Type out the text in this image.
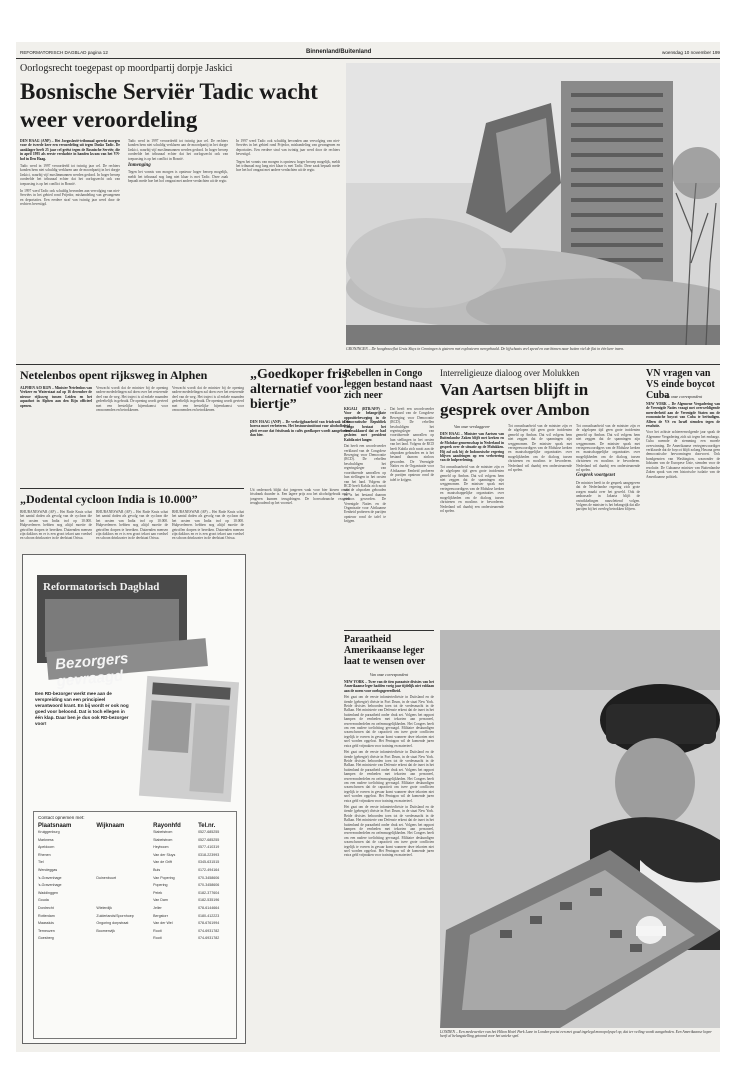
REFORMATORISCH DAGBLAD pagina 12	Binnenland/Buitenland	woensdag 10 november 199
Oorlogsrecht toegepast op moordpartij dorpje Jaskici
Bosnische Serviër Tadic wacht weer veroordeling
DEN HAAG (ANP) – Het Joegoslavië-tribunaal spreekt morgen voor de tweede keer een veroordeling uit tegen Dusko Tadic. De aanklager heeft 25 jaar cel geëist tegen de Bosnische Serviër, die in april 1995 als eerste verdachte in handen kwam van het VN-hof in Den Haag.

Tadic werd in 1997 veroordeeld tot twintig jaar cel. De rechters konden hem niet schuldig verklaren aan de moordpartij in het dorpje Jaskici, waarbij vijf moslimmannen werden gedood. In hoger beroep oordeelde het tribunaal echter dat het oorlogsrecht ook van toepassing is op het conflict in Bosnië.

In 1997 werd Tadic ook schuldig bevonden aan vervolging van niet-Serviërs in het gebied rond Prijedor, mishandeling van gevangenen en deportaties. Een eerdere straf van twintig jaar werd door de rechters bevestigd.

Tadic werd in 1997 veroordeeld tot twintig jaar cel. De rechters konden hem niet schuldig verklaren aan de moordpartij in het dorpje Jaskici, waarbij vijf moslimmannen werden gedood. In hoger beroep oordeelde het tribunaal echter dat het oorlogsrecht ook van toepassing is op het conflict in Bosnië.

Inmenging

Tegen het vonnis van morgen is opnieuw hoger beroep mogelijk, meldt het tribunaal nog lang niet klaar is met Tadic. Deze zaak bepaalt mede hoe het hof omgaat met andere verdachten uit de regio.

In 1997 werd Tadic ook schuldig bevonden aan vervolging van niet-Serviërs in het gebied rond Prijedor, mishandeling van gevangenen en deportaties. Een eerdere straf van twintig jaar werd door de rechters bevestigd.

Tegen het vonnis van morgen is opnieuw hoger beroep mogelijk, meldt het tribunaal nog lang niet klaar is met Tadic. Deze zaak bepaalt mede hoe het hof omgaat met andere verdachten uit de regio.

GRONINGEN – De hoogbouwflat Gruis Sluys in Groningen is gisteren met explosieven neergehaald. De lijfschaats veel speed en van binnen naar buiten viel de flat in één keer ineen.
Netelenbos opent rijksweg in Alphen
ALPHEN A/D RIJN – Minister Netelenbos van Verkeer en Waterstaat zal op 16 december de nieuwe rijksweg tussen Leiden en het aquaduct in Alphen aan den Rijn officieel openen.

Verwacht wordt dat de minister bij de opening nadere mededelingen zal doen over het resterende deel van de weg. Het traject is al enkele maanden gedeeltelijk in gebruik. De opening wordt gevierd met een feestelijke bijeenkomst voor omwonenden en betrokkenen.

Verwacht wordt dat de minister bij de opening nadere mededelingen zal doen over het resterende deel van de weg. Het traject is al enkele maanden gedeeltelijk in gebruik. De opening wordt gevierd met een feestelijke bijeenkomst voor omwonenden en betrokkenen.

„Goedkoper fris alternatief voor biertje”
DEN HAAG (ANP) – De verkrijgbaarheid van frisdrank in de horeca moet verbeteren. Het bestuursinstituut voor alcoholbeleid pleit ervoor dat frisdrank in cafés goedkoper wordt aangeboden dan bier.

Uit onderzoek blijkt dat jongeren vaak voor bier kiezen omdat frisdrank duurder is. Een lagere prijs zou het alcoholgebruik onder jongeren kunnen terugdringen. De horecabranche reageert terughoudend op het voorstel.

„Dodental cycloon India is 10.000”

BHUBANESWAR (AP) – Het Rode Kruis schat het aantal doden als gevolg van de cycloon die het oosten van India trof op 10.000. Hulpverleners hebben nog altijd moeite de getroffen dorpen te bereiken. Duizenden mensen zijn dakloos en er is een groot tekort aan voedsel en schoon drinkwater in de deelstaat Orissa.

BHUBANESWAR (AP) – Het Rode Kruis schat het aantal doden als gevolg van de cycloon die het oosten van India trof op 10.000. Hulpverleners hebben nog altijd moeite de getroffen dorpen te bereiken. Duizenden mensen zijn dakloos en er is een groot tekort aan voedsel en schoon drinkwater in de deelstaat Orissa.

BHUBANESWAR (AP) – Het Rode Kruis schat het aantal doden als gevolg van de cycloon die het oosten van India trof op 10.000. Hulpverleners hebben nog altijd moeite de getroffen dorpen te bereiken. Duizenden mensen zijn dakloos en er is een groot tekort aan voedsel en schoon drinkwater in de deelstaat Orissa.

Reformatorisch Dagblad
Bezorgers gevraagd
Een RD-bezorger werkt mee aan de verspreiding van een principieel verantwoord krant. En bij wordt er ook nog goed voor beloond. Dat is toch ellegen in één klap. Daar ben je dus ook RD-bezorger voor!
Contact opnemen met:
Plaatsnaam	Wijknaam	Rayonhfd	Tel.nr.
Kruiggenburg		Stabelstrom	0527-685255
Markness		Stabelstrom	0527-685255
Apeldoorn		Heyboom	0577-410319
Rhenen		Van der Sluys	0318-223993
Tiel		Van de Grift	0345-631515
Wendeggas		Buis	0172-494164
's-Gravenhage	Duinenbuurt	Van Popering	070-3458606
's-Gravenhage		Popering	070-3458606
Waddinggen		Pelek	0182-377604
Gouda		Van Dam	0182-535196
Dordrecht	Wielerdijk	Jeller	078-6144664
Rotterdam	Zuiderlands/Spornhoep	Bergstorr	0180-412223
Maassluis	Ongoring dorpstraat	Van der Wel	078-6761994
Terneuzen	Boomenvijk	Rooti	074-6931782
Goesberg		Rooti	074-6931782
Rebellen in Congo leggen bestand naast zich neer
KIGALI (RTR/AFP) – Voor de belangrijkste oppositiebeweging in de Democratische Republiek Congo bestaat het vredesakkoord dat ze had gesloten met president Kabila niet langer.

Dat heeft een woordvoerder verklaard van de Congolese Beweging voor Democratie (RCD). De rebellen beschuldigen het regeringsleger van voortdurende aanvallen op hun stellingen in het oosten van het land. Volgens de RCD heeft Kabila zich nooit aan de afspraken gehouden en is het bestand daarom zinloos geworden. De Verenigde Naties en de Organisatie voor Afrikaanse Eenheid proberen de partijen opnieuw rond de tafel te krijgen.

Dat heeft een woordvoerder verklaard van de Congolese Beweging voor Democratie (RCD). De rebellen beschuldigen het regeringsleger van voortdurende aanvallen op hun stellingen in het oosten van het land. Volgens de RCD heeft Kabila zich nooit aan de afspraken gehouden en is het bestand daarom zinloos geworden. De Verenigde Naties en de Organisatie voor Afrikaanse Eenheid proberen de partijen opnieuw rond de tafel te krijgen.

Paraatheid Amerikaanse leger laat te wensen over
Van onze correspondent
NEW YORK – Twee van de tien paraatste divisies van het Amerikaanse leger hadden vorig jaar tijdelijk niet voldaan aan de norm voor oorlogsgereedheid.

Het gaat om de eerste infanteriedivisie in Duitsland en de tiende (gebergte) divisie in Fort Drum, in de staat New York. Beide divisies behoorden toen tot de vredesmacht in de Balkan. Het ministerie van Defensie erkent dat de inzet in het buitenland de paraatheid onder druk zet. Volgens het rapport kampen de eenheden met tekorten aan personeel, reserveonderdelen en oefenmogelijkheden. Het Congres heeft om een nadere toelichting gevraagd. Militaire deskundigen waarschuwen dat de capaciteit om twee grote conflicten tegelijk te voeren in gevaar komt wanneer deze tekorten niet snel worden opgelost. Het Pentagon wil de komende jaren extra geld vrijmaken voor training en materieel.

Het gaat om de eerste infanteriedivisie in Duitsland en de tiende (gebergte) divisie in Fort Drum, in de staat New York. Beide divisies behoorden toen tot de vredesmacht in de Balkan. Het ministerie van Defensie erkent dat de inzet in het buitenland de paraatheid onder druk zet. Volgens het rapport kampen de eenheden met tekorten aan personeel, reserveonderdelen en oefenmogelijkheden. Het Congres heeft om een nadere toelichting gevraagd. Militaire deskundigen waarschuwen dat de capaciteit om twee grote conflicten tegelijk te voeren in gevaar komt wanneer deze tekorten niet snel worden opgelost. Het Pentagon wil de komende jaren extra geld vrijmaken voor training en materieel.

Het gaat om de eerste infanteriedivisie in Duitsland en de tiende (gebergte) divisie in Fort Drum, in de staat New York. Beide divisies behoorden toen tot de vredesmacht in de Balkan. Het ministerie van Defensie erkent dat de inzet in het buitenland de paraatheid onder druk zet. Volgens het rapport kampen de eenheden met tekorten aan personeel, reserveonderdelen en oefenmogelijkheden. Het Congres heeft om een nadere toelichting gevraagd. Militaire deskundigen waarschuwen dat de capaciteit om twee grote conflicten tegelijk te voeren in gevaar komt wanneer deze tekorten niet snel worden opgelost. Het Pentagon wil de komende jaren extra geld vrijmaken voor training en materieel.

Interreligieuze dialoog over Molukken
Van Aartsen blijft in gesprek over Ambon
Van onze verslaggever
DEN HAAG – Minister van Aartsen van Buitenlandse Zaken blijft met kerken en de Molukse gemeenschap in Nederland in gesprek over de situatie op de Molukken. Hij zal ook bij de Indonesische regering blijven aandringen op een verbetering van de hulpverlening.

Tot onrustbaarheid van de minister zijn er de afgelopen tijd geen grote incidenten gemeld op Ambon. Dat wil volgens hem niet zeggen dat de spanningen zijn weggenomen. De minister sprak met vertegenwoordigers van de Molukse kerken en maatschappelijke organisaties over mogelijkheden om de dialoog tussen christenen en moslims te bevorderen. Nederland wil daarbij een ondersteunende rol spelen.

Tot onrustbaarheid van de minister zijn er de afgelopen tijd geen grote incidenten gemeld op Ambon. Dat wil volgens hem niet zeggen dat de spanningen zijn weggenomen. De minister sprak met vertegenwoordigers van de Molukse kerken en maatschappelijke organisaties over mogelijkheden om de dialoog tussen christenen en moslims te bevorderen. Nederland wil daarbij een ondersteunende rol spelen.

Tot onrustbaarheid van de minister zijn er de afgelopen tijd geen grote incidenten gemeld op Ambon. Dat wil volgens hem niet zeggen dat de spanningen zijn weggenomen. De minister sprak met vertegenwoordigers van de Molukse kerken en maatschappelijke organisaties over mogelijkheden om de dialoog tussen christenen en moslims te bevorderen. Nederland wil daarbij een ondersteunende rol spelen.

Gesprek voortgezet

De minister heeft in de gesprek aangegeven dat de Nederlandse regering zich grote zorgen maakt over het geweld. Ook de ambassade in Jakarta blijft de ontwikkelingen nauwlettend volgen. Volgens de minister is het belangrijk dat alle partijen bij het overleg betrokken blijven.

VN vragen van VS einde boycot Cuba
Van onze correspondent
NEW YORK – De Algemene Vergadering van de Verenigde Naties vraagt met overweldigende meerderheid aan de Verenigde Staten om de economische boycot van Cuba te beëindigen. Alleen de VS en Israël stemden tegen de resolutie.

Voor het achtste achtereenvolgende jaar sprak de Algemene Vergadering zich uit tegen het embargo. Cuba noemde de stemming een morele overwinning. De Amerikaanse vertegenwoordiger verklaarde dat de boycot blijft zolang Havana geen democratische hervormingen doorvoert. Ook bondgenoten van Washington, waaronder de lidstaten van de Europese Unie, stemden voor de resolutie. De Cubaanse minister van Buitenlandse Zaken sprak van een historische isolatie van de Amerikaanse politiek.

LONDEN – Een medewerker van het Hilton Hotel Park Lane in Londen poetst een met goud ingelegd monopolyspel op, dat ter veiling wordt aangeboden. Een Amerikaanse koper heeft al belangstelling getoond voor het unieke spel.
